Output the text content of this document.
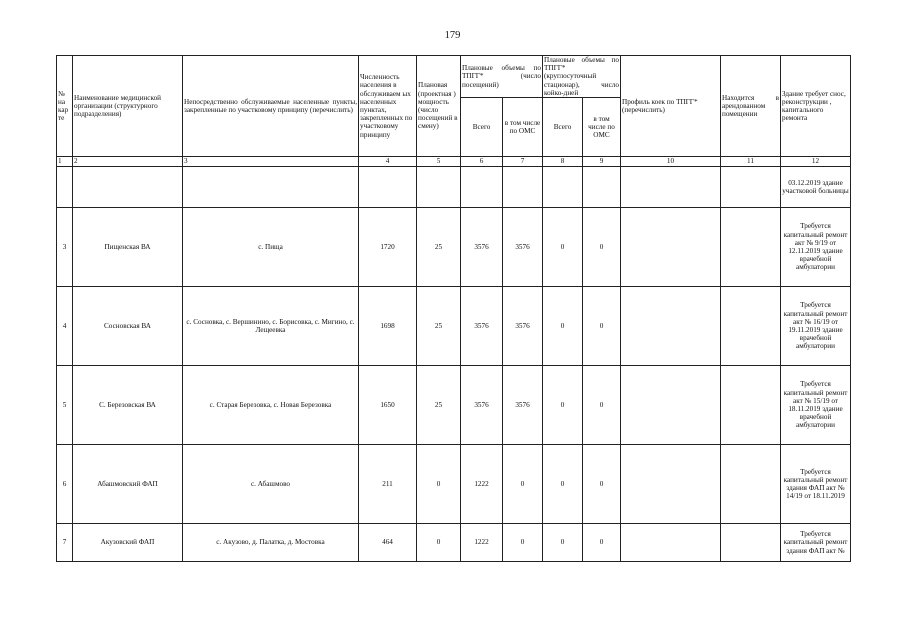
179
№ на кар те	Наименование медицинской организации (структурного подразделения)	Непосредственно обслуживаемые населенные пункты, закрепленные по участковому принципу (перечислить)	Численность населения в обслуживаем ых населенных пунктах, закрепленных по участковому принципу	Плановая (проектная ) мощность (число посещений в смену)	Плановые объемы по ТПГГ* (число посещений)		Плановые объемы по ТПГГ* (круглосуточный стационар), число койко-дней		Профиль коек по ТПГГ* (перечислить)	Находится в арендованном помещении	Здание требует снос, реконструкции , капитального ремонта
					Всего	в том числе по ОМС	Всего	в том числе по ОМС			
1	2	3	4	5	6	7	8	9	10	11	12
											03.12.2019 здание участковой больницы
3	Пищенская ВА	с. Пища	1720	25	3576	3576	0	0			Требуется капитальный ремонт акт № 9/19 от 12.11.2019 здание врачебной амбулатории
4	Сосновская ВА	с. Сосновка, с. Вершинино, с. Борисовка, с. Мигино, с. Лещеевка	1698	25	3576	3576	0	0			Требуется капитальный ремонт акт № 16/19 от 19.11.2019 здание врачебной амбулатории
5	С. Березовская ВА	с. Старая Березовка, с. Новая Березовка	1650	25	3576	3576	0	0			Требуется капитальный ремонт акт № 15/19 от 18.11.2019 здание врачебной амбулатории
6	Абашмовский ФАП	с. Абашмово	211	0	1222	0	0	0			Требуется капитальный ремонт здания ФАП акт № 14/19 от 18.11.2019
7	Акузовский ФАП	с. Акузово, д. Палатка, д. Мостовка	464	0	1222	0	0	0			Требуется капитальный ремонт здания ФАП акт №
